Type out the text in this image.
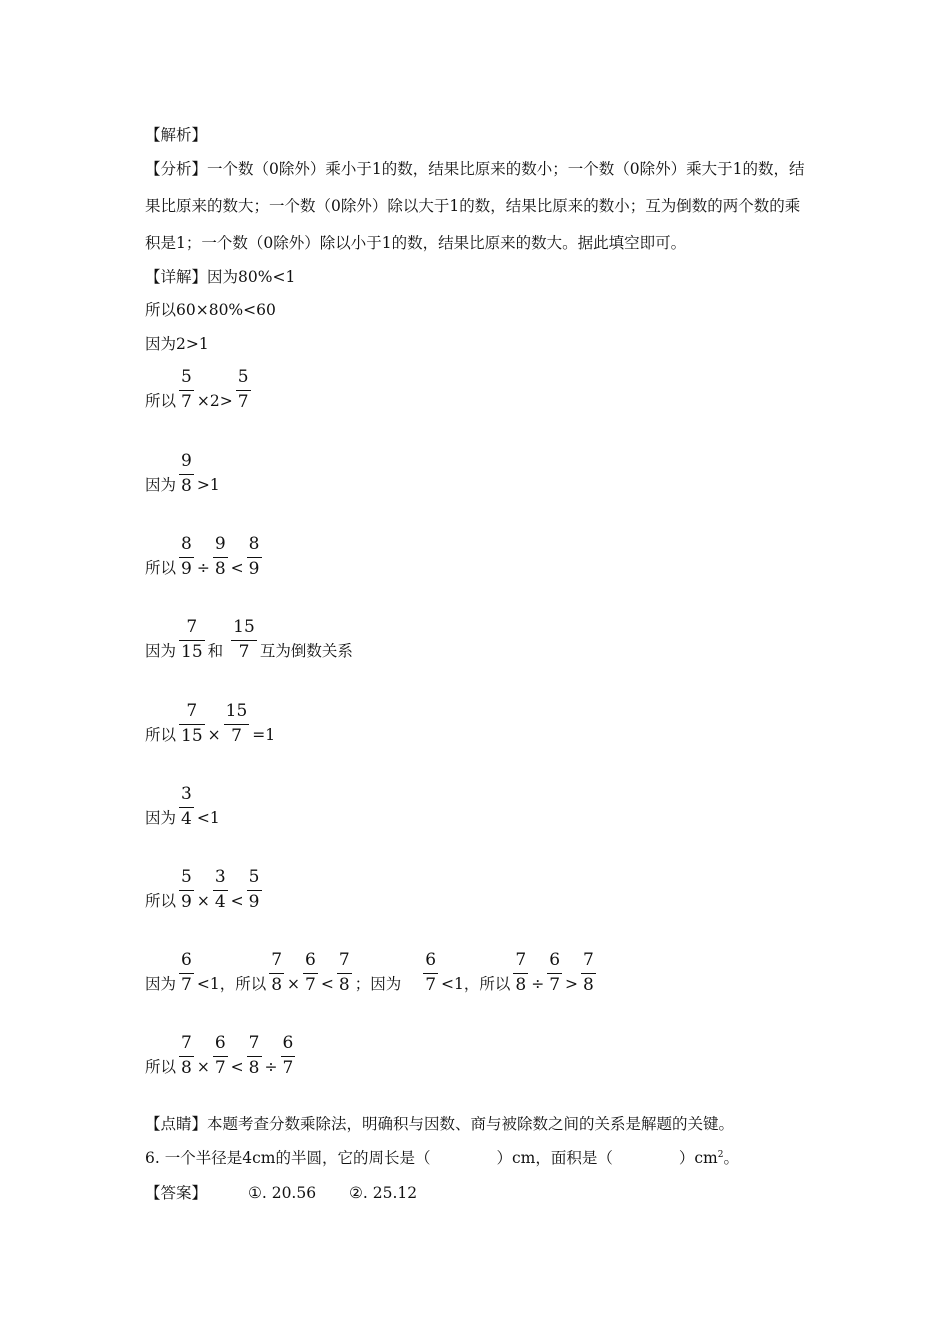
【解析】
【分析】一个数（0除外）乘小于1的数，结果比原来的数小；一个数（0除外）乘大于1的数，结果比原来的数大；一个数（0除外）除以大于1的数，结果比原来的数小；互为倒数的两个数的乘积是1；一个数（0除外）除以小于1的数，结果比原来的数大。据此填空即可。
【详解】因为80%<1
所以60×80%<60
因为2>1
所以 $\frac{5}{7} \times 2> \frac{5}{7}$
因为 $\frac{9}{8} >1$
所以 $\frac{8}{9} \div \frac{9}{8} < \frac{8}{9}$
因为 $\frac{7}{15}$ 和 $\frac{15}{7}$ 互为倒数关系
所以 $\frac{7}{15} \times \frac{15}{7} =1$
因为 $\frac{3}{4} <1$
所以 $\frac{5}{9} \times \frac{3}{4} < \frac{5}{9}$
因为 $\frac{6}{7} <1$，所以 $\frac{7}{8} \times \frac{6}{7} < \frac{7}{8}$ ；因为 $\frac{6}{7} <1$，所以 $\frac{7}{8} \div \frac{6}{7} > \frac{7}{8}$
所以 $\frac{7}{8} \times \frac{6}{7} < \frac{7}{8} \div \frac{6}{7}$
【点睛】本题考查分数乘除法，明确积与因数、商与被除数之间的关系是解题的关键。
6. 一个半径是4cm的半圆，它的周长是（	）cm，面积是（	）$cm^2$。
【答案】	①. 20.56 ②. 25.12
